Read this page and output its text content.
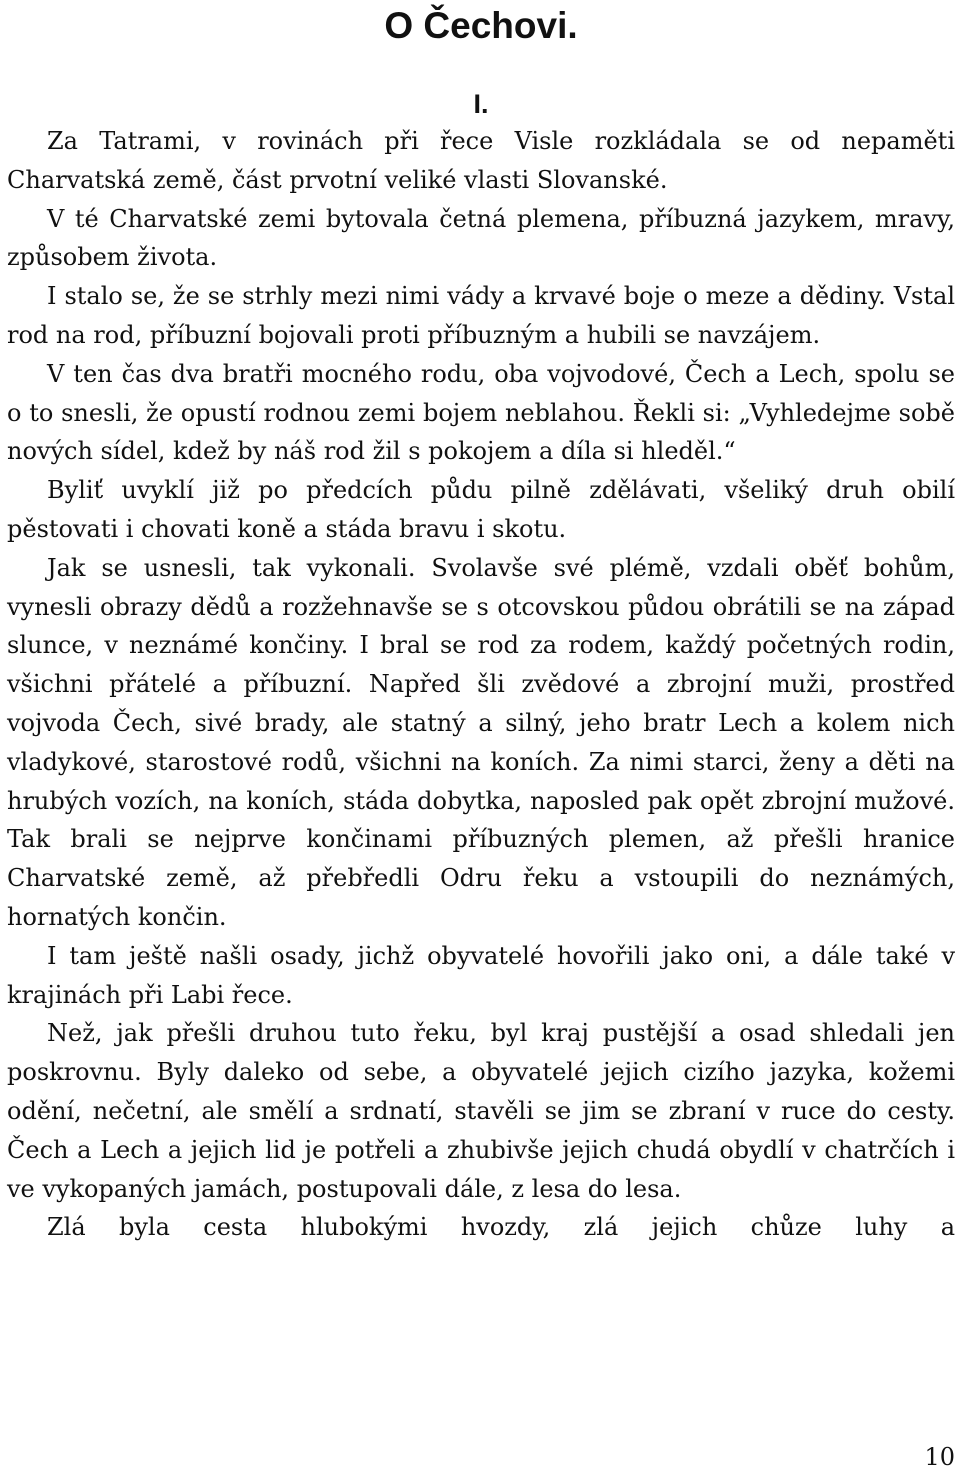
O Čechovi.
I.

Za Tatrami, v rovinách při řece Visle rozkládala se od nepaměti Charvatská země, část prvotní veliké vlasti Slovanské.

V té Charvatské zemi bytovala četná plemena, příbuzná jazykem, mravy, způsobem života.

I stalo se, že se strhly mezi nimi vády a krvavé boje o meze a dědiny. Vstal rod na rod, příbuzní bojovali proti příbuzným a hubili se navzájem.

V ten čas dva bratři mocného rodu, oba vojvodové, Čech a Lech, spolu se o to snesli, že opustí rodnou zemi bojem neblahou. Řekli si: „Vyhledejme sobě nových sídel, kdež by náš rod žil s pokojem a díla si hleděl.“

Byliť uvyklí již po předcích půdu pilně zdělávati, všeliký druh obilí pěstovati i chovati koně a stáda bravu i skotu.

Jak se usnesli, tak vykonali. Svolavše své plémě, vzdali oběť bohům, vynesli obrazy dědů a rozžehnavše se s otcovskou půdou obrátili se na západ slunce, v neznámé končiny. I bral se rod za rodem, každý početných rodin, všichni přátelé a příbuzní. Napřed šli zvědové a zbrojní muži, prostřed vojvoda Čech, sivé brady, ale statný a silný, jeho bratr Lech a kolem nich vladykové, starostové rodů, všichni na koních. Za nimi starci, ženy a děti na hrubých vozích, na koních, stáda dobytka, naposled pak opět zbrojní mužové. Tak brali se nejprve končinami příbuzných plemen, až přešli hranice Charvatské země, až přebředli Odru řeku a vstoupili do neznámých, hornatých končin.

I tam ještě našli osady, jichž obyvatelé hovořili jako oni, a dále také v krajinách při Labi řece.

Než, jak přešli druhou tuto řeku, byl kraj pustější a osad shledali jen poskrovnu. Byly daleko od sebe, a obyvatelé jejich cizího jazyka, kožemi odění, nečetní, ale smělí a srdnatí, stavěli se jim se zbraní v ruce do cesty. Čech a Lech a jejich lid je potřeli a zhubivše jejich chudá obydlí v chatrčích i ve vykopaných jamách, postupovali dále, z lesa do lesa.

Zlá byla cesta hlubokými hvozdy, zlá jejich chůze luhy a

10
